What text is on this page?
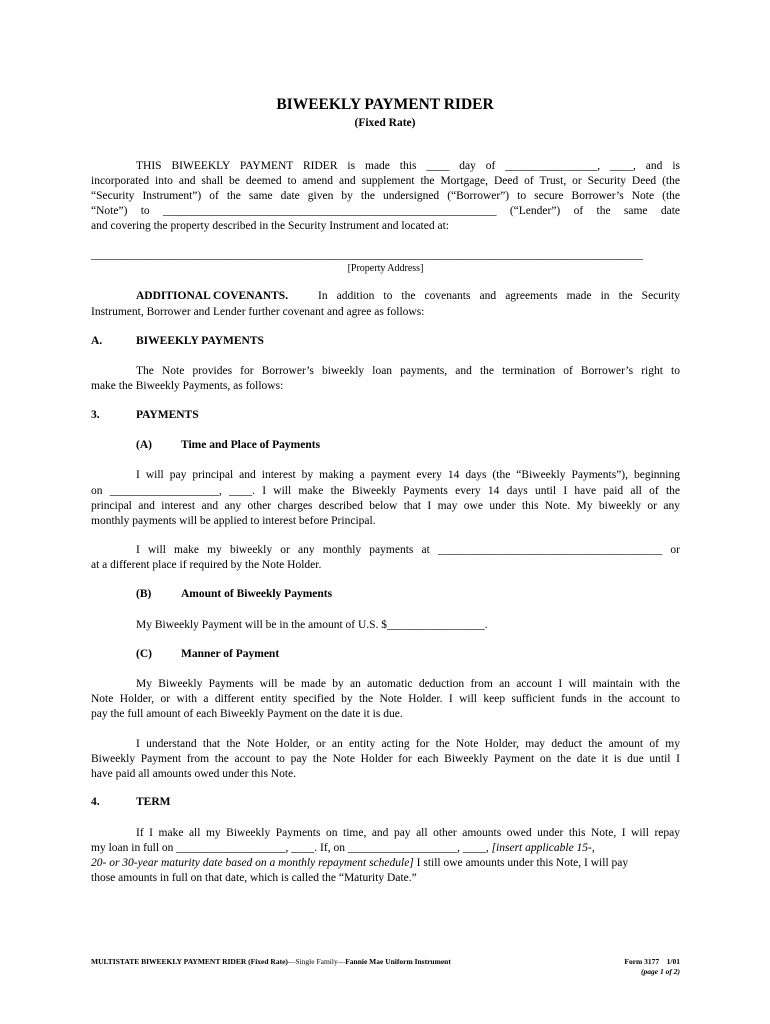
BIWEEKLY PAYMENT RIDER
(Fixed Rate)
THIS BIWEEKLY PAYMENT RIDER is made this ____ day of ________________, ____, and is
incorporated into and shall be deemed to amend and supplement the Mortgage, Deed of Trust, or Security Deed (the
“Security Instrument”) of the same date given by the undersigned (“Borrower”) to secure Borrower’s Note (the
“Note”) to __________________________________________________________ (“Lender”) of the same date
and covering the property described in the Security Instrument and located at:
________________________________________________________________________________________________
[Property Address]
ADDITIONAL COVENANTS.	In addition to the covenants and agreements made in the Security
Instrument, Borrower and Lender further covenant and agree as follows:
A.	BIWEEKLY PAYMENTS
The Note provides for Borrower’s biweekly loan payments, and the termination of Borrower’s right to
make the Biweekly Payments, as follows:
3.	PAYMENTS
(A)	Time and Place of Payments
I will pay principal and interest by making a payment every 14 days (the “Biweekly Payments”), beginning
on ___________________, ____. I will make the Biweekly Payments every 14 days until I have paid all of the
principal and interest and any other charges described below that I may owe under this Note. My biweekly or any
monthly payments will be applied to interest before Principal.
I will make my biweekly or any monthly payments at _______________________________________ or
at a different place if required by the Note Holder.
(B)	Amount of Biweekly Payments
My Biweekly Payment will be in the amount of U.S. $_________________.
(C)	Manner of Payment
My Biweekly Payments will be made by an automatic deduction from an account I will maintain with the
Note Holder, or with a different entity specified by the Note Holder. I will keep sufficient funds in the account to
pay the full amount of each Biweekly Payment on the date it is due.
I understand that the Note Holder, or an entity acting for the Note Holder, may deduct the amount of my
Biweekly Payment from the account to pay the Note Holder for each Biweekly Payment on the date it is due until I
have paid all amounts owed under this Note.
4.	TERM
If I make all my Biweekly Payments on time, and pay all other amounts owed under this Note, I will repay
my loan in full on ___________________, ____. If, on ___________________, ____, [insert applicable 15-,
20- or 30-year maturity date based on a monthly repayment schedule] I still owe amounts under this Note, I will pay
those amounts in full on that date, which is called the “Maturity Date.”
MULTISTATE BIWEEKLY PAYMENT RIDER (Fixed Rate)—Single Family—Fannie Mae Uniform Instrument	Form 3177    1/01
(page 1 of 2)
